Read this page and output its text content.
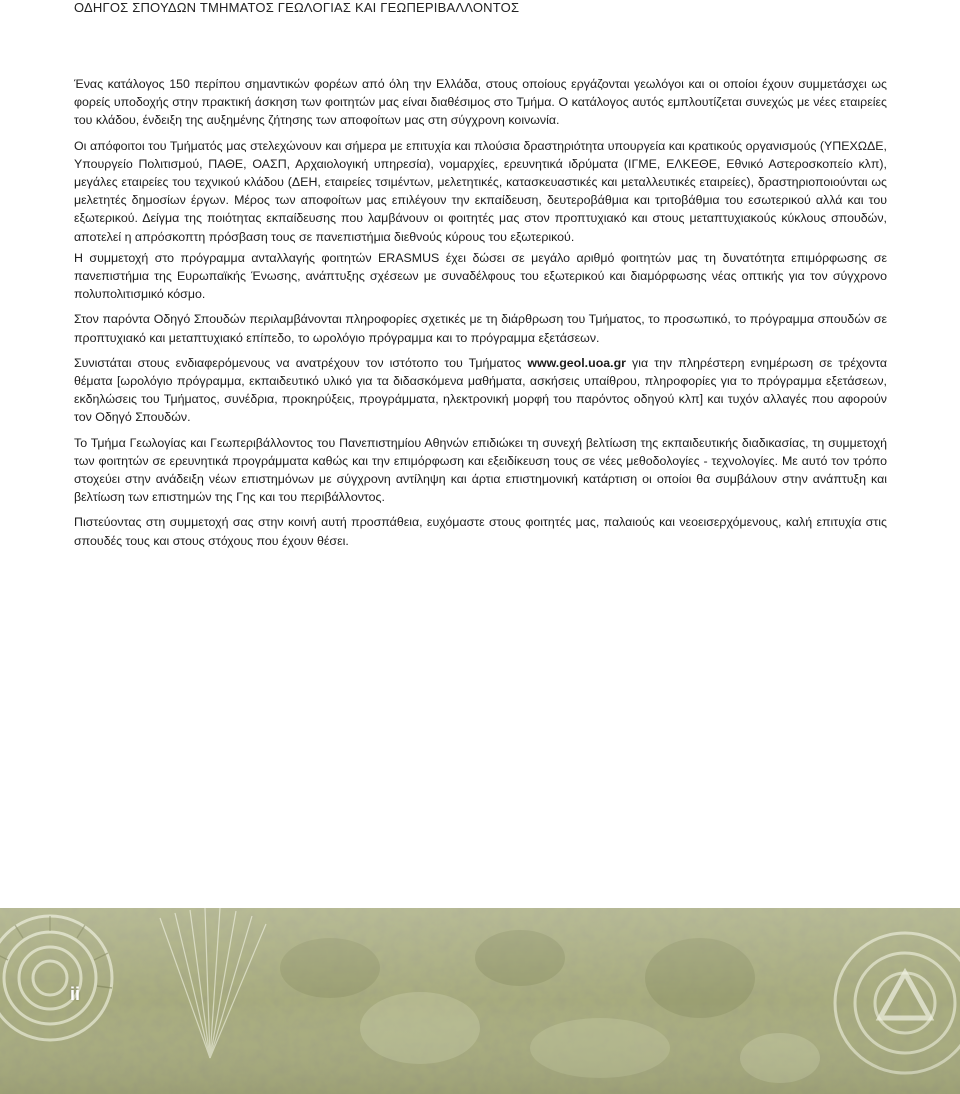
ΟΔΗΓΟΣ ΣΠΟΥΔΩΝ ΤΜΗΜΑΤΟΣ ΓΕΩΛΟΓΙΑΣ ΚΑΙ ΓΕΩΠΕΡΙΒΑΛΛΟΝΤΟΣ

Ένας κατάλογος 150 περίπου σημαντικών φορέων από όλη την Ελλάδα, στους οποίους εργάζονται γεωλόγοι και οι οποίοι έχουν συμμετάσχει ως φορείς υποδοχής στην πρακτική άσκηση των φοιτητών μας είναι διαθέσιμος στο Τμήμα. Ο κατάλογος αυτός εμπλουτίζεται συνεχώς με νέες εταιρείες του κλάδου, ένδειξη της αυξημένης ζήτησης των αποφοίτων μας στη σύγχρονη κοινωνία.

Οι απόφοιτοι του Τμήματός μας στελεχώνουν και σήμερα με επιτυχία και πλούσια δραστηριότητα υπουργεία και κρατικούς οργανισμούς (ΥΠΕΧΩΔΕ, Υπουργείο Πολιτισμού, ΠΑΘΕ, ΟΑΣΠ, Αρχαιολογική υπηρεσία), νομαρχίες, ερευνητικά ιδρύματα (ΙΓΜΕ, ΕΛΚΕΘΕ, Εθνικό Αστεροσκοπείο κλπ), μεγάλες εταιρείες του τεχνικού κλάδου (ΔΕΗ, εταιρείες τσιμέντων, μελετητικές, κατασκευαστικές και μεταλλευτικές εταιρείες), δραστηριοποιούνται ως μελετητές δημοσίων έργων. Μέρος των αποφοίτων μας επιλέγουν την εκπαίδευση, δευτεροβάθμια και τριτοβάθμια του εσωτερικού αλλά και του εξωτερικού. Δείγμα της ποιότητας εκπαίδευσης που λαμβάνουν οι φοιτητές μας στον προπτυχιακό και στους μεταπτυχιακούς κύκλους σπουδών, αποτελεί η απρόσκοπτη πρόσβαση τους σε πανεπιστήμια διεθνούς κύρους του εξωτερικού.

Η συμμετοχή στο πρόγραμμα ανταλλαγής φοιτητών ERASMUS έχει δώσει σε μεγάλο αριθμό φοιτητών μας τη δυνατότητα επιμόρφωσης σε πανεπιστήμια της Ευρωπαϊκής Ένωσης, ανάπτυξης σχέσεων με συναδέλφους του εξωτερικού και διαμόρφωσης νέας οπτικής για τον σύγχρονο πολυπολιτισμικό κόσμο.

Στον παρόντα Οδηγό Σπουδών περιλαμβάνονται πληροφορίες σχετικές με τη διάρθρωση του Τμήματος, το προσωπικό, το πρόγραμμα σπουδών σε προπτυχιακό και μεταπτυχιακό επίπεδο, το ωρολόγιο πρόγραμμα και το πρόγραμμα εξετάσεων.

Συνιστάται στους ενδιαφερόμενους να ανατρέχουν τον ιστότοπο του Τμήματος www.geol.uoa.gr για την πληρέστερη ενημέρωση σε τρέχοντα θέματα [ωρολόγιο πρόγραμμα, εκπαιδευτικό υλικό για τα διδασκόμενα μαθήματα, ασκήσεις υπαίθρου, πληροφορίες για το πρόγραμμα εξετάσεων, εκδηλώσεις του Τμήματος, συνέδρια, προκηρύξεις, προγράμματα, ηλεκτρονική μορφή του παρόντος οδηγού κλπ] και τυχόν αλλαγές που αφορούν τον Οδηγό Σπουδών.

Το Τμήμα Γεωλογίας και Γεωπεριβάλλοντος του Πανεπιστημίου Αθηνών επιδιώκει τη συνεχή βελτίωση της εκπαιδευτικής διαδικασίας, τη συμμετοχή των φοιτητών σε ερευνητικά προγράμματα καθώς και την επιμόρφωση και εξειδίκευση τους σε νέες μεθοδολογίες - τεχνολογίες. Με αυτό τον τρόπο στοχεύει στην ανάδειξη νέων επιστημόνων με σύγχρονη αντίληψη και άρτια επιστημονική κατάρτιση οι οποίοι θα συμβάλουν στην ανάπτυξη και βελτίωση των επιστημών της Γης και του περιβάλλοντος.

Πιστεύοντας στη συμμετοχή σας στην κοινή αυτή προσπάθεια, ευχόμαστε στους φοιτητές μας, παλαιούς και νεοεισερχόμενους, καλή επιτυχία στις σπουδές τους και στους στόχους που έχουν θέσει.

ii
